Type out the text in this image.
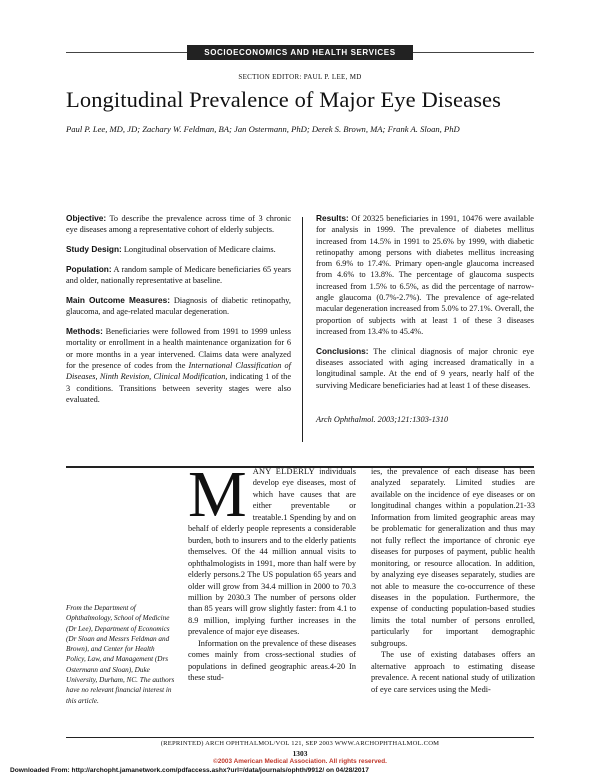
SOCIOECONOMICS AND HEALTH SERVICES
SECTION EDITOR: PAUL P. LEE, MD
Longitudinal Prevalence of Major Eye Diseases
Paul P. Lee, MD, JD; Zachary W. Feldman, BA; Jan Ostermann, PhD; Derek S. Brown, MA; Frank A. Sloan, PhD

Objective: To describe the prevalence across time of 3 chronic eye diseases among a representative cohort of elderly subjects.

Study Design: Longitudinal observation of Medicare claims.

Population: A random sample of Medicare beneficiaries 65 years and older, nationally representative at baseline.

Main Outcome Measures: Diagnosis of diabetic retinopathy, glaucoma, and age-related macular degeneration.

Methods: Beneficiaries were followed from 1991 to 1999 unless mortality or enrollment in a health maintenance organization for 6 or more months in a year intervened. Claims data were analyzed for the presence of codes from the International Classification of Diseases, Ninth Revision, Clinical Modification, indicating 1 of the 3 conditions. Transitions between severity stages were also evaluated.

Results: Of 20325 beneficiaries in 1991, 10476 were available for analysis in 1999. The prevalence of diabetes mellitus increased from 14.5% in 1991 to 25.6% by 1999, with diabetic retinopathy among persons with diabetes mellitus increasing from 6.9% to 17.4%. Primary open-angle glaucoma increased from 4.6% to 13.8%. The percentage of glaucoma suspects increased from 1.5% to 6.5%, as did the percentage of narrow-angle glaucoma (0.7%-2.7%). The prevalence of age-related macular degeneration increased from 5.0% to 27.1%. Overall, the proportion of subjects with at least 1 of these 3 diseases increased from 13.4% to 45.4%.

Conclusions: The clinical diagnosis of major chronic eye diseases associated with aging increased dramatically in a longitudinal sample. At the end of 9 years, nearly half of the surviving Medicare beneficiaries had at least 1 of these diseases.

Arch Ophthalmol. 2003;121:1303-1310
From the Department of Ophthalmology, School of Medicine (Dr Lee), Department of Economics (Dr Sloan and Messrs Feldman and Brown), and Center for Health Policy, Law, and Management (Drs Ostermann and Sloan), Duke University, Durham, NC. The authors have no relevant financial interest in this article.

MANY ELDERLY individuals develop eye diseases, most of which have causes that are either preventable or treatable.1 Spending by and on behalf of elderly people represents a considerable burden, both to insurers and to the elderly patients themselves. Of the 44 million annual visits to ophthalmologists in 1991, more than half were by elderly persons.2 The US population 65 years and older will grow from 34.4 million in 2000 to 70.3 million by 2030.3 The number of persons older than 85 years will grow slightly faster: from 4.1 to 8.9 million, implying further increases in the prevalence of major eye diseases.

Information on the prevalence of these diseases comes mainly from cross-sectional studies of populations in defined geographic areas.4-20 In these stud-

ies, the prevalence of each disease has been analyzed separately. Limited studies are available on the incidence of eye diseases or on longitudinal changes within a population.21-33 Information from limited geographic areas may be problematic for generalization and thus may not fully reflect the importance of chronic eye diseases for purposes of payment, public health monitoring, or resource allocation. In addition, by analyzing eye diseases separately, studies are not able to measure the co-occurrence of these diseases in the population. Furthermore, the expense of conducting population-based studies limits the total number of persons enrolled, particularly for important demographic subgroups.

The use of existing databases offers an alternative approach to estimating disease prevalence. A recent national study of utilization of eye care services using the Medi-

(REPRINTED) ARCH OPHTHALMOL/VOL 121, SEP 2003 WWW.ARCHOPHTHALMOL.COM
1303
©2003 American Medical Association. All rights reserved.
Downloaded From: http://archopht.jamanetwork.com/pdfaccess.ashx?url=/data/journals/ophth/9912/ on 04/28/2017
